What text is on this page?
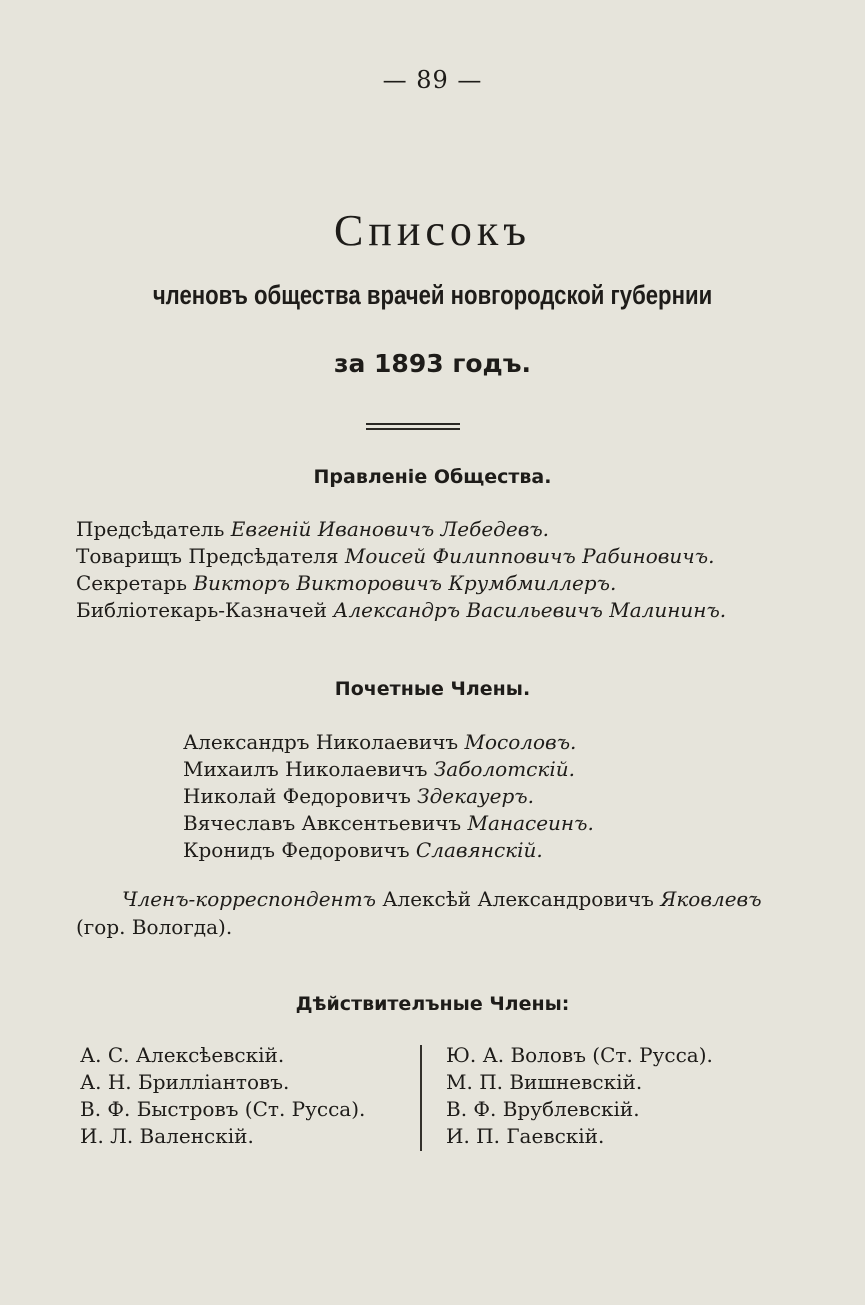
— 89 —
Списокъ
членовъ общества врачей новгородской губернии
за 1893 годъ.
Правленіе Общества.
Предсѣдатель Евгеній Ивановичъ Лебедевъ.
Товарищъ Предсѣдателя Моисей Филипповичъ Рабиновичъ.
Секретарь Викторъ Викторовичъ Крумбмиллеръ.
Библіотекарь-Казначей Александръ Васильевичъ Малининъ.
Почетные Члены.
Александръ Николаевичъ Мосоловъ.
Михаилъ Николаевичъ Заболотскій.
Николай Федоровичъ Здекауеръ.
Вячеславъ Авксентьевичъ Манасеинъ.
Кронидъ Федоровичъ Славянскій.
Членъ-корреспондентъ Алексѣй Александровичъ Яковлевъ
(гор. Вологда).
Дѣйствителъные Члены:
А. С. Алексѣевскій.
А. Н. Бриллiантовъ.
В. Ф. Быстровъ (Ст. Русса).
И. Л. Валенскій.
Ю. А. Воловъ (Ст. Русса).
М. П. Вишневскій.
В. Ф. Врублевскій.
И. П. Гаевскій.
